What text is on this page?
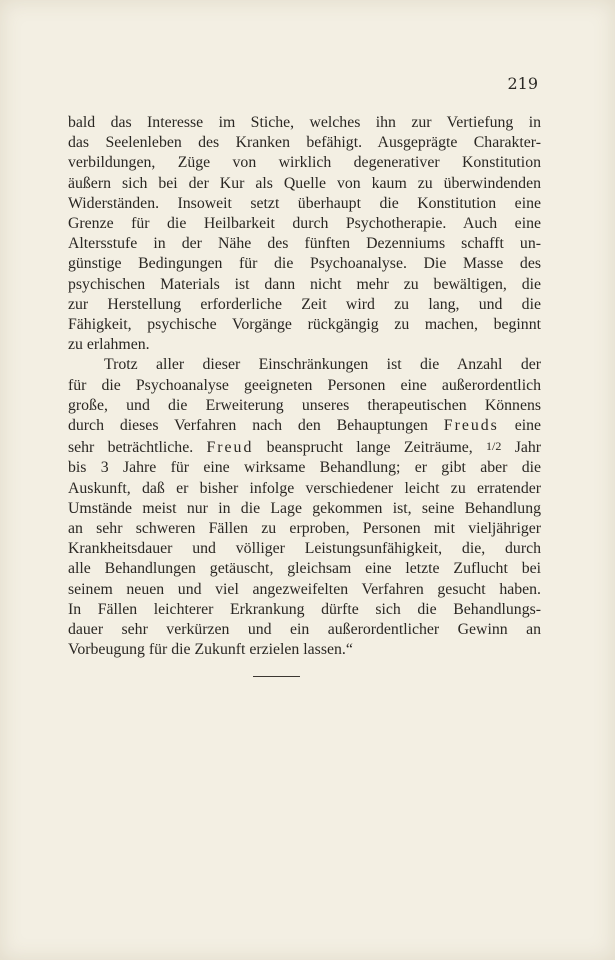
219
bald das Interesse im Stiche, welches ihn zur Vertiefung in
das Seelenleben des Kranken befähigt. Ausgeprägte Charakter-
verbildungen, Züge von wirklich degenerativer Konstitution
äußern sich bei der Kur als Quelle von kaum zu überwindenden
Widerständen. Insoweit setzt überhaupt die Konstitution eine
Grenze für die Heilbarkeit durch Psychotherapie. Auch eine
Altersstufe in der Nähe des fünften Dezenniums schafft un-
günstige Bedingungen für die Psychoanalyse. Die Masse des
psychischen Materials ist dann nicht mehr zu bewältigen, die
zur Herstellung erforderliche Zeit wird zu lang, und die
Fähigkeit, psychische Vorgänge rückgängig zu machen, beginnt
zu erlahmen.
Trotz aller dieser Einschränkungen ist die Anzahl der
für die Psychoanalyse geeigneten Personen eine außerordentlich
große, und die Erweiterung unseres therapeutischen Könnens
durch dieses Verfahren nach den Behauptungen Freuds eine
sehr beträchtliche. Freud beansprucht lange Zeiträume, 1/2 Jahr
bis 3 Jahre für eine wirksame Behandlung; er gibt aber die
Auskunft, daß er bisher infolge verschiedener leicht zu erratender
Umstände meist nur in die Lage gekommen ist, seine Behandlung
an sehr schweren Fällen zu erproben, Personen mit vieljähriger
Krankheitsdauer und völliger Leistungsunfähigkeit, die, durch
alle Behandlungen getäuscht, gleichsam eine letzte Zuflucht bei
seinem neuen und viel angezweifelten Verfahren gesucht haben.
In Fällen leichterer Erkrankung dürfte sich die Behandlungs-
dauer sehr verkürzen und ein außerordentlicher Gewinn an
Vorbeugung für die Zukunft erzielen lassen.“
